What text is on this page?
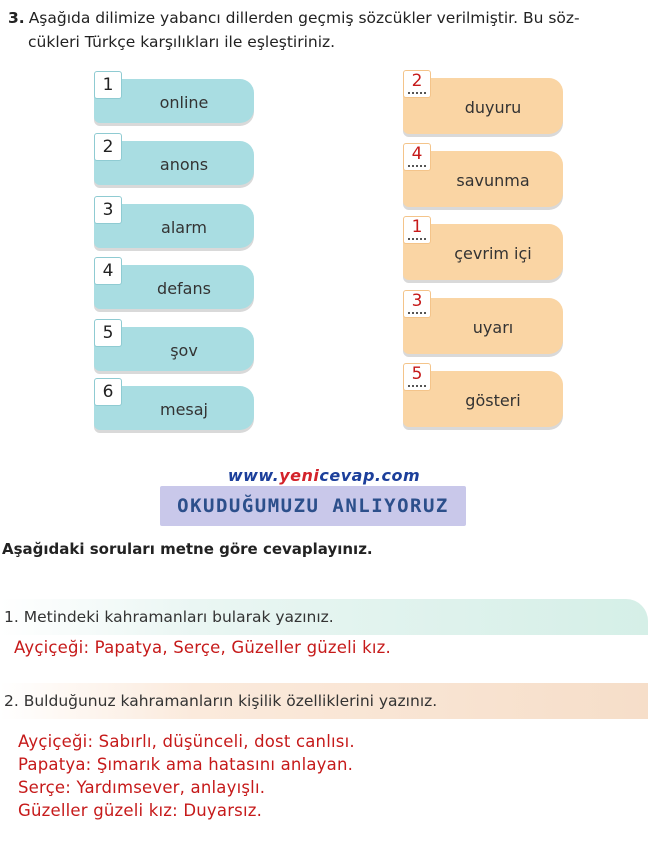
3. Aşağıda dilimize yabancı dillerden geçmiş sözcükler verilmiştir. Bu söz-
cükleri Türkçe karşılıkları ile eşleştiriniz.
1
online
2
anons
3
alarm
4
defans
5
şov
6
mesaj
2
duyuru
4
savunma
1
çevrim içi
3
uyarı
5
gösteri
www.yenicevap.com
OKUDUĞUMUZU ANLIYORUZ
Aşağıdaki soruları metne göre cevaplayınız.
1. Metindeki kahramanları bularak yazınız.
Ayçiçeği: Papatya, Serçe, Güzeller güzeli kız.
2. Bulduğunuz kahramanların kişilik özelliklerini yazınız.
Ayçiçeği: Sabırlı, düşünceli, dost canlısı.
Papatya: Şımarık ama hatasını anlayan.
Serçe: Yardımsever, anlayışlı.
Güzeller güzeli kız: Duyarsız.
